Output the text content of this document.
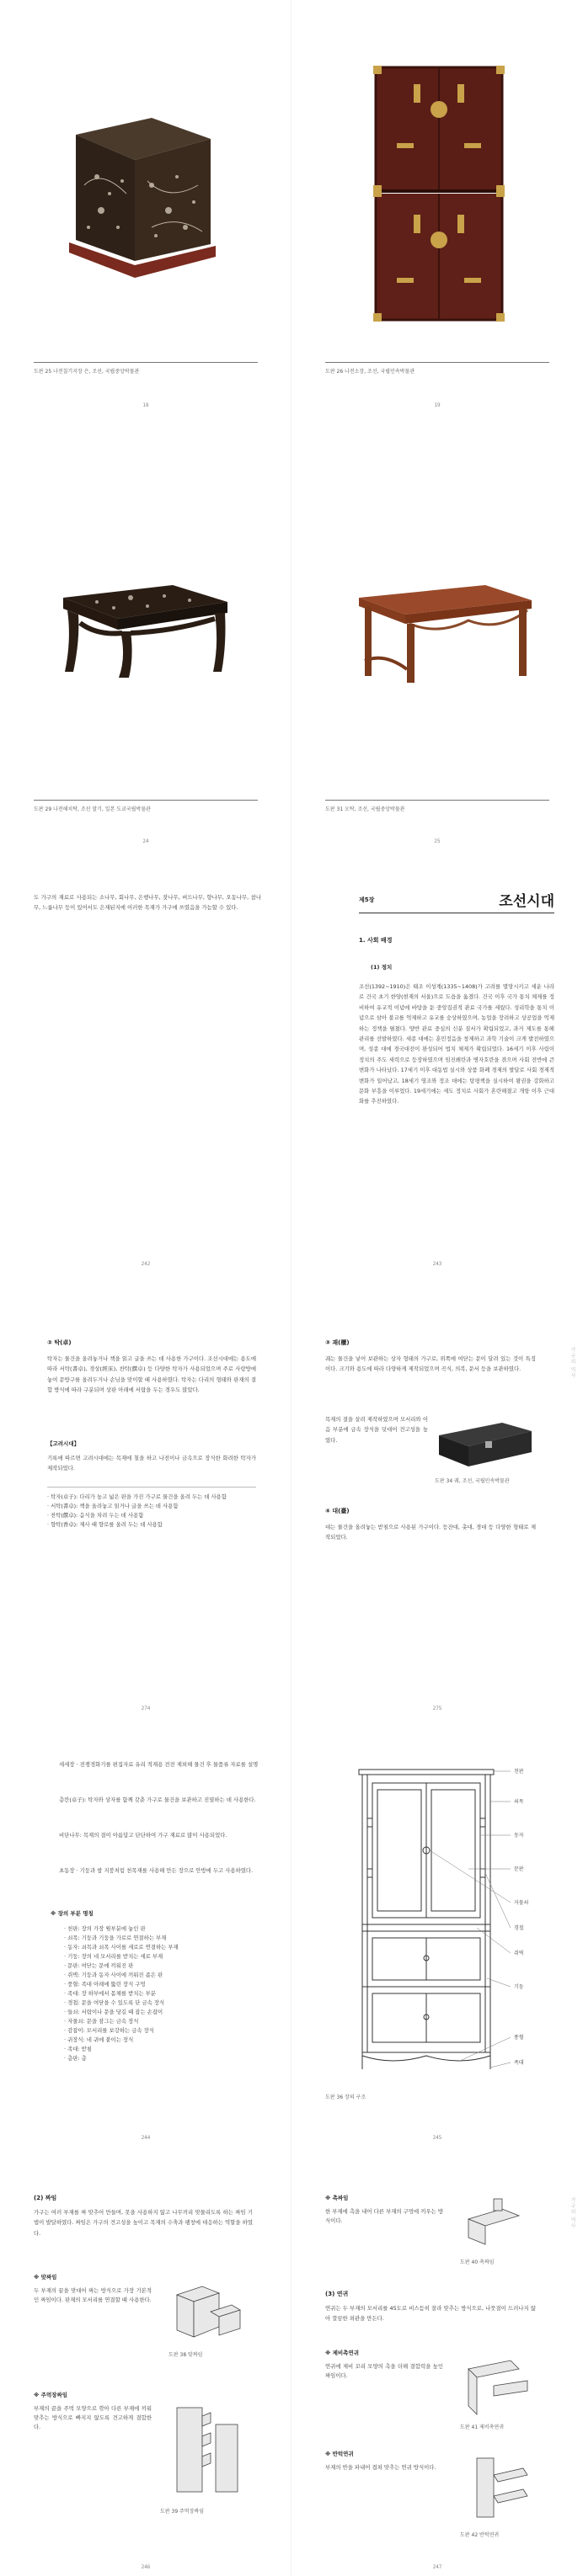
도판 25 나전칠기지장 은, 조선, 국립중앙박물관
18
도판 26 나전소장, 조선, 국립민속박물관
19
도판 29 나전해치탁, 조선 말기, 일본 도쿄국립박물관
24
도판 31 오탁, 조선, 국립중앙박물관
25
도 가구의 재료로 사용되는 소나무, 회나무, 은행나무, 잣나무, 버드나무, 향나무, 오동나무, 참나무, 느릅나무 등이 있어서도 은재된지에 이러한 목재가 가구에 쓰였음을 가늠할 수 있다.
242
제5장	조선시대
1. 사회 배경
(1) 정치
조선(1392~1910)은 태조 이성계(1335~1408)가 고려를 멸망시키고 세운 나라로 건국 초기 한양(현재의 서울)으로 도읍을 옮겼다. 건국 이후 국가 통치 체제를 정비하여 유교적 이념에 바탕을 둔 중앙집권적 관료 국가를 세웠다. 성리학을 통치 이념으로 삼아 불교를 억제하고 유교를 숭상하였으며, 농업을 장려하고 상공업을 억제하는 정책을 펼쳤다. 양반 관료 중심의 신분 질서가 확립되었고, 과거 제도를 통해 관리를 선발하였다. 세종 대에는 훈민정음을 창제하고 과학 기술이 크게 발전하였으며, 성종 대에 경국대전이 완성되어 법치 체제가 확립되었다. 16세기 이후 사림이 정치의 주도 세력으로 등장하였으며 임진왜란과 병자호란을 겪으며 사회 전반에 큰 변화가 나타났다. 17세기 이후 대동법 실시와 상품 화폐 경제의 발달로 사회 경제적 변화가 일어났고, 18세기 영조와 정조 대에는 탕평책을 실시하여 왕권을 강화하고 문화 부흥을 이루었다. 19세기에는 세도 정치로 사회가 혼란해졌고 개항 이후 근대화를 추진하였다.
243
② 탁(卓)
탁자는 물건을 올려놓거나 책을 읽고 글을 쓰는 데 사용한 가구이다. 조선시대에는 용도에 따라 서탁(書卓), 경상(經床), 찬탁(饌卓) 등 다양한 탁자가 사용되었으며 주로 사랑방에 놓여 문방구를 올려두거나 손님을 맞이할 때 사용하였다. 탁자는 다리의 형태와 판재의 결합 방식에 따라 구분되며 상판 아래에 서랍을 두는 경우도 많았다.
【고려시대】
기록에 따르면 고려시대에는 목재에 칠을 하고 나전이나 금속으로 장식한 화려한 탁자가 제작되었다.
· 탁자(卓子): 다리가 높고 넓은 판을 가진 가구로 물건을 올려 두는 데 사용함
· 서탁(書卓): 책을 올려놓고 읽거나 글을 쓰는 데 사용함
· 찬탁(饌卓): 음식을 차려 두는 데 사용함
· 향탁(香卓): 제사 때 향로를 올려 두는 데 사용함
274
③ 괘(櫃)
궤는 물건을 넣어 보관하는 상자 형태의 가구로, 위쪽에 여닫는 문이 달려 있는 것이 특징이다. 크기와 용도에 따라 다양하게 제작되었으며 곡식, 의복, 문서 등을 보관하였다.
도판 34 궤, 조선, 국립민속박물관
목재의 결을 살려 제작하였으며 모서리와 이음 부분에 금속 장식을 덧대어 견고성을 높였다.
④ 대(臺)
대는 물건을 올려놓는 받침으로 사용된 가구이다. 등잔대, 촛대, 경대 등 다양한 형태로 제작되었다.
가구의 역사
275
세세장 · 전쟁경화기를 편집자료 유리 적재용 전전 제외해 물건 후 물품류 자료를 설명
층칸(卓子): 탁자와 상자를 함께 갖춘 가구로 물건을 보관하고 진열하는 데 사용한다.
비단나무: 목재의 결이 아름답고 단단하여 가구 재료로 많이 사용되었다.
초동장 · 기둥과 쌈 지붕처럼 천목재를 사용해 만든 장으로 안방에 두고 사용하였다.
※ 장의 부분 명칭
· 천판: 장의 가장 윗부분에 놓인 판
· 쇠목: 기둥과 기둥을 가로로 연결하는 부재
· 동자: 쇠목과 쇠목 사이를 세로로 연결하는 부재
· 기둥: 장의 네 모서리를 받치는 세로 부재
· 문판: 여닫는 문에 끼워진 판
· 쥐벽: 기둥과 동자 사이에 끼워진 좁은 판
· 풍혈: 족대 아래에 뚫린 장식 구멍
· 족대: 장 하부에서 몸체를 받치는 부분
· 경첩: 문을 여닫을 수 있도록 단 금속 장식
· 들쇠: 서랍이나 문을 당길 때 잡는 손잡이
· 자물쇠: 문을 잠그는 금속 장식
· 감잡이: 모서리를 보강하는 금속 장식
· 귀장식: 네 귀에 붙이는 장식
· 족대: 받침
· 층판: 층
244
천판
쇠목
동자
문판
자물쇠
경첩
쥐벽
기둥
풍혈
족대
도판 36 장의 구조
245
(2) 짜임
가구는 여러 부재를 짜 맞추어 만들며, 못을 사용하지 않고 나무끼리 맞물리도록 하는 짜임 기법이 발달하였다. 짜임은 가구의 견고성을 높이고 목재의 수축과 팽창에 대응하는 역할을 하였다.
※ 맞짜임
두 부재의 끝을 맞대어 짜는 방식으로 가장 기본적인 짜임이다. 판재의 모서리를 연결할 때 사용한다.
도판 38 맞짜임
※ 주먹장짜임
부재의 끝을 주먹 모양으로 깎아 다른 부재에 끼워 맞추는 방식으로 빠지지 않도록 견고하게 결합한다.
도판 39 주먹장짜임
246
※ 촉짜임
한 부재에 촉을 내어 다른 부재의 구멍에 끼우는 방식이다.
도판 40 촉짜임
(3) 연귀
연귀는 두 부재의 모서리를 45도로 비스듬히 잘라 맞추는 방식으로, 나뭇결이 드러나지 않아 깔끔한 외관을 만든다.
※ 제비촉연귀
연귀에 제비 꼬리 모양의 촉을 더해 결합력을 높인 짜임이다.
도판 41 제비촉연귀
※ 반턱연귀
부재의 반을 파내어 겹쳐 맞추는 연귀 방식이다.
도판 42 반턱연귀
가구의 역사
247
